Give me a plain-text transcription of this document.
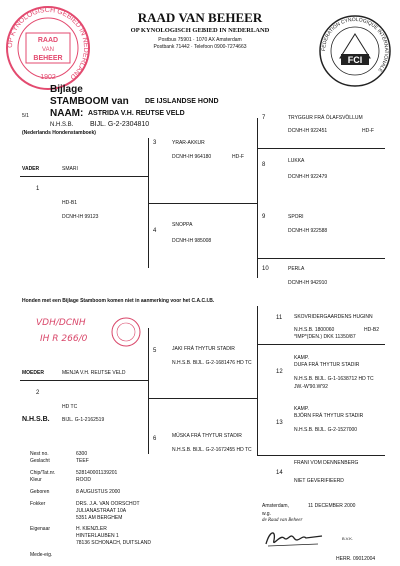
OP KYNOLOGISCH GEBIED IN NEDERLAND
RAAD
VAN
BEHEER
1902
RAAD VAN BEHEER
OP KYNOLOGISCH GEBIED IN NEDERLAND
Postbus 75901 · 1070 AX Amsterdam
Postbank 71442 · Telefoon 0900-7274663	FEDERATION CYNOLOGIQUE INTERNATIONALE
FCI
Bijlage
STAMBOOM van DE IJSLANDSE HOND
5/1 NAAM: ASTRIDA V.H. REUTSE VELD
N.H.S.B. BIJL. G-2-2304810
(Nederlands Hondenstamboek)
VADER	SMARI
1
HD-B1
DCNH-IH 99123
3	YRAR-AKKUR
DCNH-IH 964180	HD-F
4
SNOPPA
DCNH-IH 985008
7	TRYGGUR FRÁ ÓLAFSVÖLLUM
DCNH-IH 922451	HD-F
8
LUKKA
DCNH-IH 922479
9	SPORI
DCNH-IH 922588
10	PERLA
DCNH-IH 942910
Honden met een Bijlage Stamboom komen niet in aanmerking voor het C.A.C.I.B.
VDH/DCNH
IH R 266/0
MOEDER	MENJA V.H. REUTSE VELD
2
HD TC
N.H.S.B. BIJL. G-1-2162519
5	JAKI FRÁ THYTUR STADIR
N.H.S.B. BIJL. G-2-1681476 HD TC
6	MÜSKA FRÁ THYTUR STADIR
N.H.S.B. BIJL. G-2-1672455 HD TC
11 SKOVRIDERGAARDENS HUGINN
N.H.S.B. 1800060	HD-B2
*IMP*(DEN.) DKK 11350/87
KAMP.
DUFA FRÁ THYTUR STADIR
12
N.H.S.B. BIJL. G-1-1638712 HD TC
JW.-W'90.W'92
KAMP.
BJÖRN FRÁ THYTUR STADIR
13
N.H.S.B. BIJL. G-2-1527000
FRANI VOM DENNENBERG
14
NIET GEVERIFIEERD
Nest no.	6300
Geslacht	TEEF
Chip/Tat.nr.	528140001139201
Kleur	ROOD
Geboren	8 AUGUSTUS 2000
Fokker	DRS. J.A. VAN OORSCHOT
JULIANASTRAAT 10A
5351 AM BERGHEM
Eigenaar	H. KIENZLER
HINTERLAUBEN 1
78136 SCHONACH, DUITSLAND
Mede-eig.
Amsterdam,	11 DECEMBER 2000
w.g.
de Raad van Beheer
B.V.K.
HERR. 09012004
